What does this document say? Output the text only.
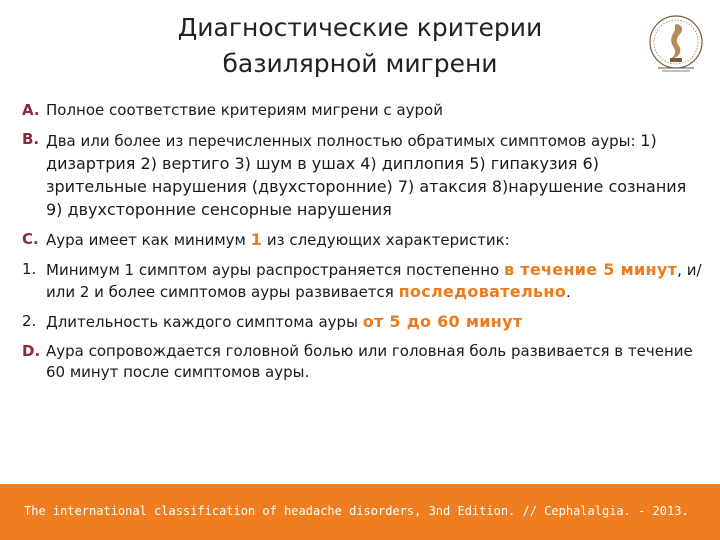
Диагностические критерии
базилярной мигрени
A. Полное соответствие критериям мигрени с аурой
B. Два или более из перечисленных полностью обратимых симптомов ауры: 1) дизартрия 2) вертиго 3) шум в ушах 4) диплопия 5) гипакузия 6) зрительные нарушения (двухсторонние) 7) атаксия 8)нарушение сознания 9) двухсторонние сенсорные нарушения
C. Аура имеет как минимум 1 из следующих характеристик:
1. Минимум 1 симптом ауры распространяется постепенно в течение 5 минут, и/или 2 и более симптомов ауры развивается последовательно.
2. Длительность каждого симптома ауры от 5 до 60 минут
D. Аура сопровождается головной болью или головная боль развивается в течение 60 минут после симптомов ауры.
The international classification of headache disorders, 3nd Edition. // Cephalalgia. - 2013.
